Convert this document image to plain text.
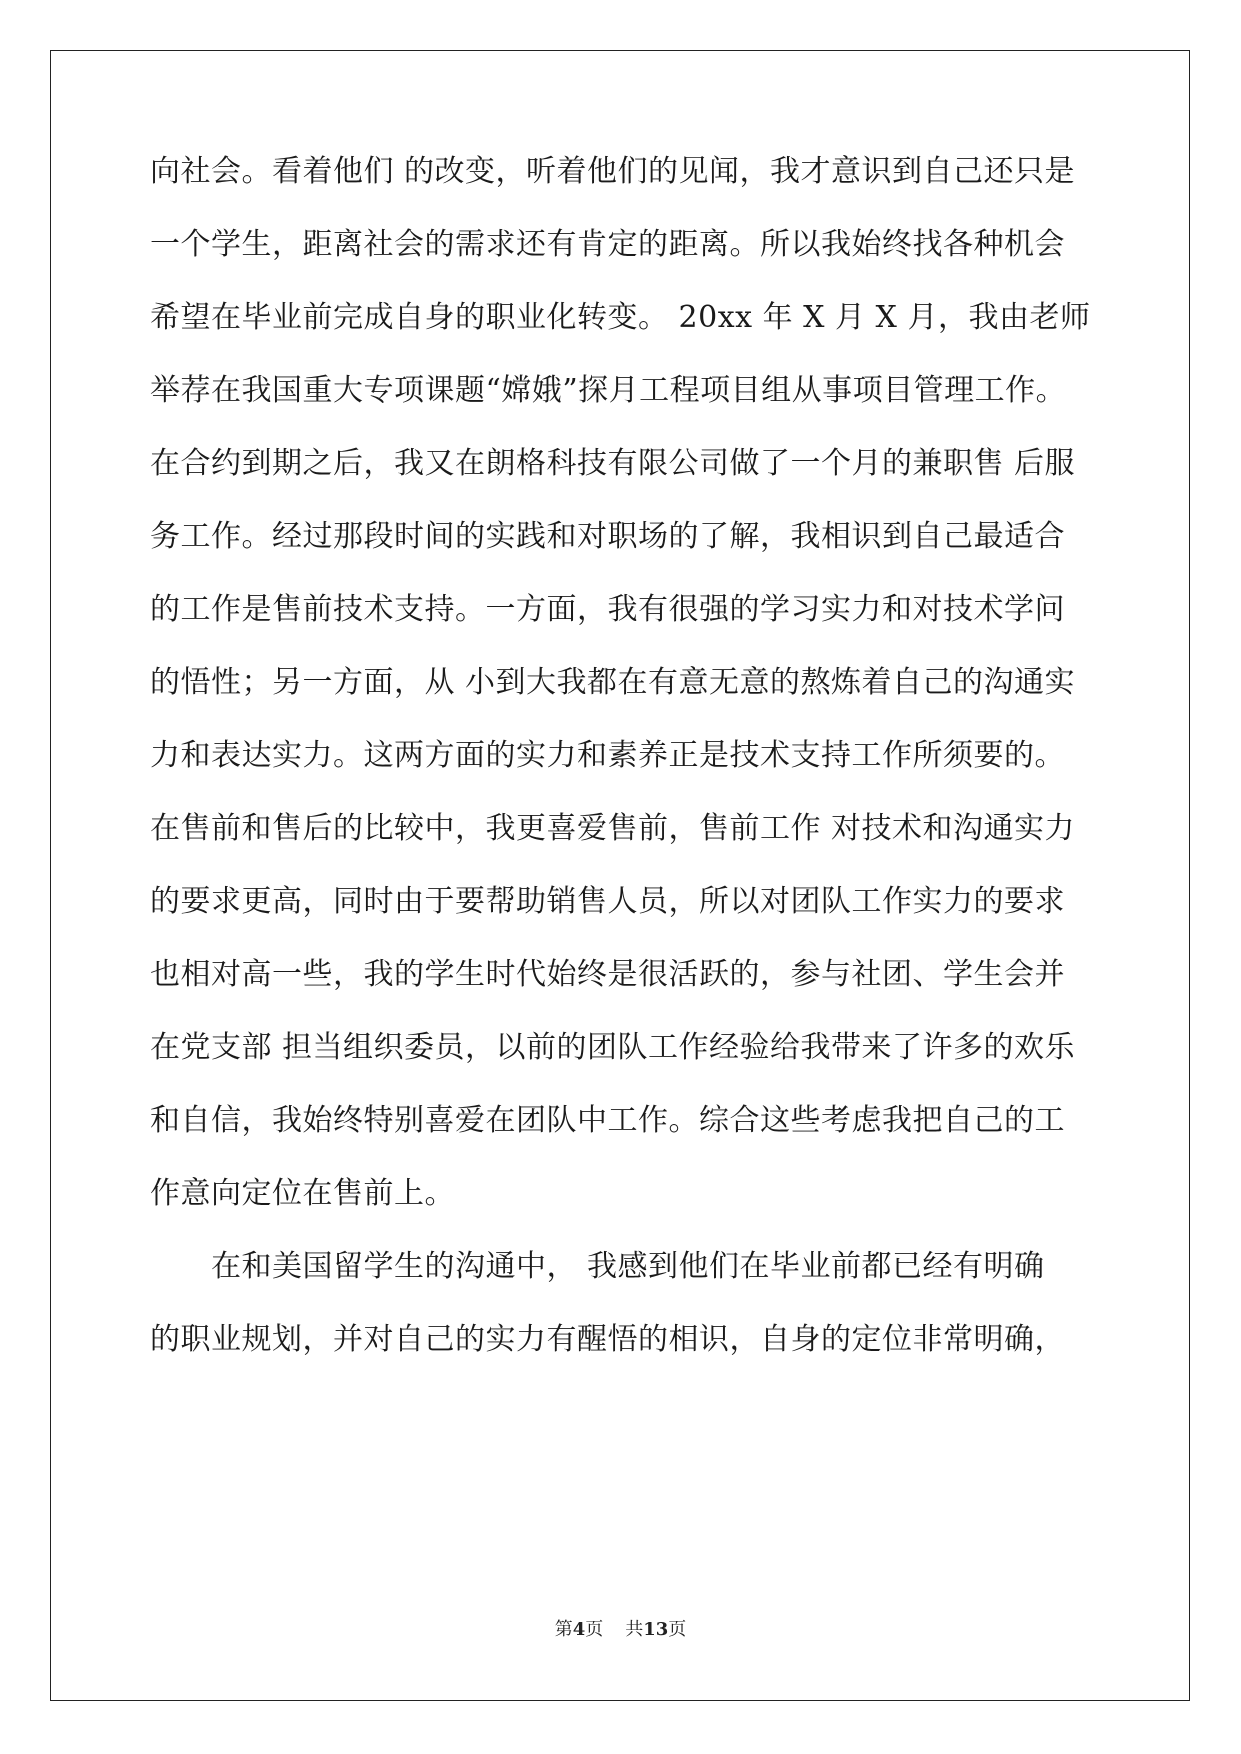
向社会。看着他们 的改变，听着他们的见闻，我才意识到自己还只是
一个学生，距离社会的需求还有肯定的距离。所以我始终找各种机会
希望在毕业前完成自身的职业化转变。 20xx 年 X 月 X 月，我由老师
举荐在我国重大专项课题“嫦娥”探月工程项目组从事项目管理工作。
在合约到期之后，我又在朗格科技有限公司做了一个月的兼职售 后服
务工作。经过那段时间的实践和对职场的了解，我相识到自己最适合
的工作是售前技术支持。一方面，我有很强的学习实力和对技术学问
的悟性；另一方面，从 小到大我都在有意无意的熬炼着自己的沟通实
力和表达实力。这两方面的实力和素养正是技术支持工作所须要的。
在售前和售后的比较中，我更喜爱售前，售前工作 对技术和沟通实力
的要求更高，同时由于要帮助销售人员，所以对团队工作实力的要求
也相对高一些，我的学生时代始终是很活跃的，参与社团、学生会并
在党支部 担当组织委员，以前的团队工作经验给我带来了许多的欢乐
和自信，我始终特别喜爱在团队中工作。综合这些考虑我把自己的工
作意向定位在售前上。
　　在和美国留学生的沟通中， 我感到他们在毕业前都已经有明确
的职业规划，并对自己的实力有醒悟的相识，自身的定位非常明确，
第4页 共13页
